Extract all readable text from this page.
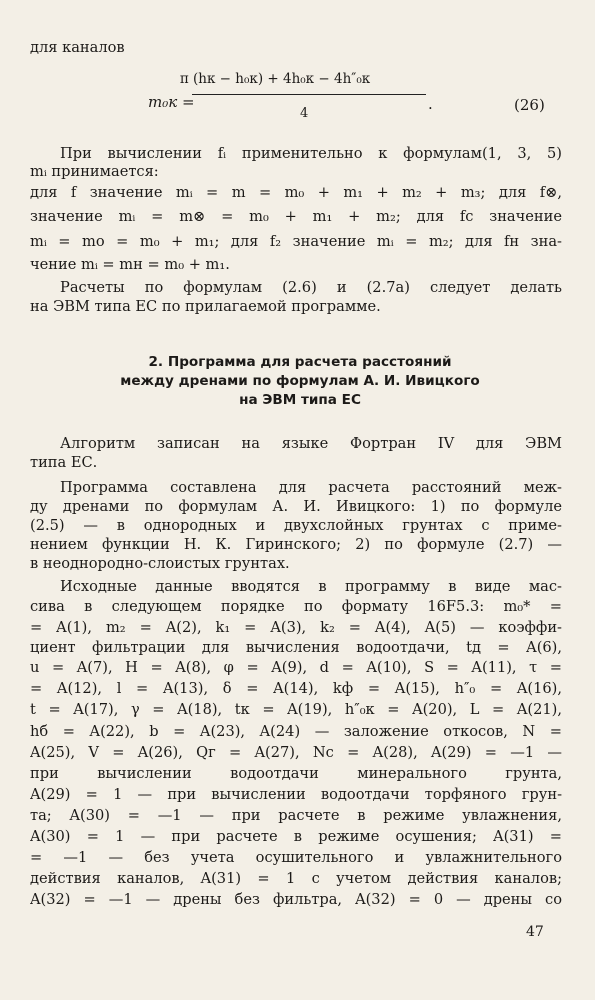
для каналов
m₀к =
π (hк − h₀к) + 4h₀к − 4h″₀к
4
.	(26)
При вычислении fᵢ применительно к формулам(1, 3, 5)
mᵢ принимается:
для f значение mᵢ = m = m₀ + m₁ + m₂ + m₃; для f⊗,
значение mᵢ = m⊗ = m₀ + m₁ + m₂; для fс значение
mᵢ = mо = m₀ + m₁; для f₂ значение mᵢ = m₂; для fн зна-
чение mᵢ = mн = m₀ + m₁.
Расчеты по формулам (2.6) и (2.7а) следует делать
на ЭВМ типа ЕС по прилагаемой программе.
2. Программа для расчета расстояний
между дренами по формулам А. И. Ивицкого
на ЭВМ типа ЕС
Алгоритм записан на языке Фортран IV для ЭВМ
типа ЕС.
Программа составлена для расчета расстояний меж-
ду дренами по формулам А. И. Ивицкого: 1) по формуле
(2.5) — в однородных и двухслойных грунтах с приме-
нением функции Н. К. Гиринского; 2) по формуле (2.7) —
в неоднородно-слоистых грунтах.
Исходные данные вводятся в программу в виде мас-
сива в следующем порядке по формату 16F5.3: m₀* =
= A(1), m₂ = A(2), k₁ = A(3), k₂ = A(4), A(5) — коэффи-
циент фильтрации для вычисления водоотдачи, tд = A(6),
u = A(7), H = A(8), φ = A(9), d = A(10), S = A(11), τ =
= A(12), l = A(13), δ = A(14), kф = A(15), h″₀ = A(16),
t = A(17), γ = A(18), tк = A(19), h″₀к = A(20), L = A(21),
hб = A(22), b = A(23), A(24) — заложение откосов, N =
A(25), V = A(26), Qг = A(27), Nс = A(28), A(29) = —1 —
при вычислении водоотдачи минерального грунта,
A(29) = 1 — при вычислении водоотдачи торфяного грун-
та; A(30) = —1 — при расчете в режиме увлажнения,
A(30) = 1 — при расчете в режиме осушения; A(31) =
= —1 — без учета осушительного и увлажнительного
действия каналов, A(31) = 1 с учетом действия каналов;
A(32) = —1 — дрены без фильтра, A(32) = 0 — дрены со
47
